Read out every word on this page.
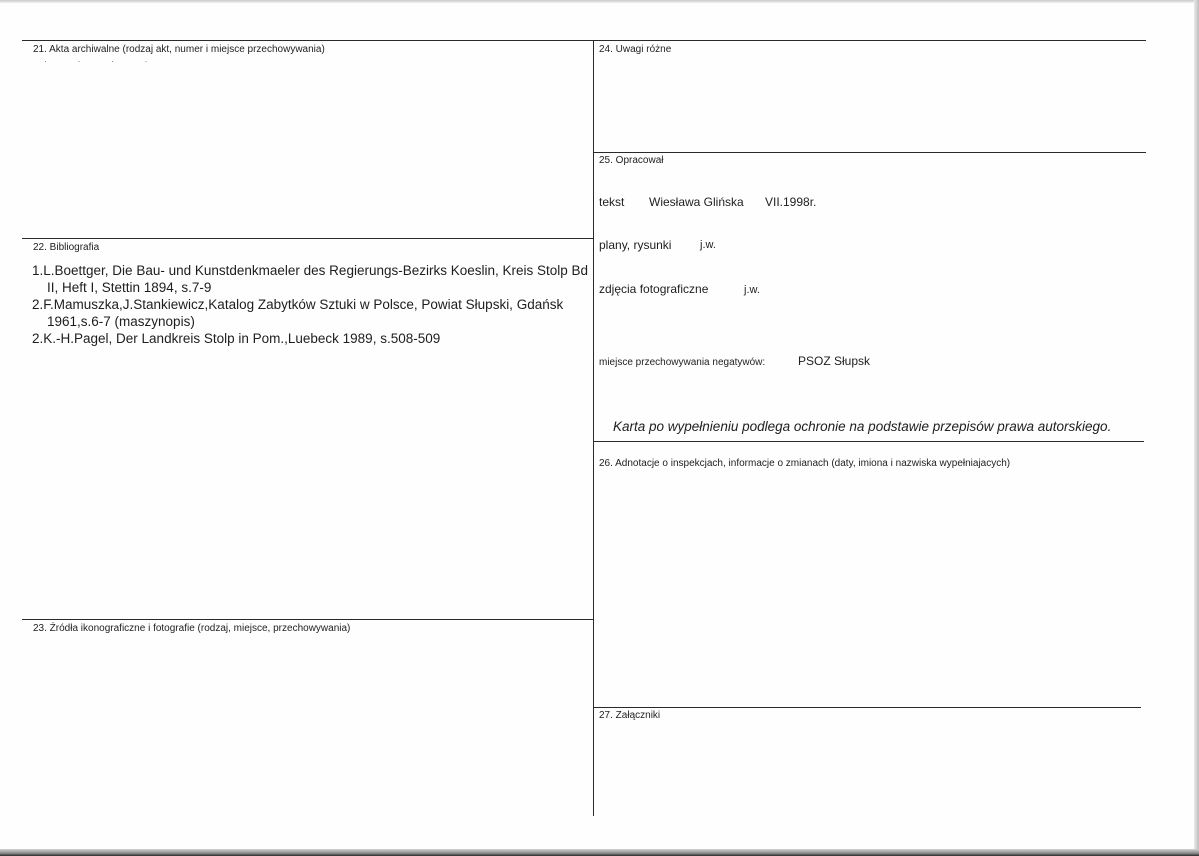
21. Akta archiwalne (rodzaj akt, numer i miejsce przechowywania)
· · · ·
22. Bibliografia
1.L.Boettger, Die Bau- und Kunstdenkmaeler des Regierungs-Bezirks Koeslin, Kreis Stolp Bd II, Heft I, Stettin 1894, s.7-9
2.F.Mamuszka,J.Stankiewicz,Katalog Zabytków Sztuki w Polsce, Powiat Słupski, Gdańsk 1961,s.6-7 (maszynopis)
2.K.-H.Pagel, Der Landkreis Stolp in Pom.,Luebeck 1989, s.508-509
23. Źródła ikonograficzne i fotografie (rodzaj, miejsce, przechowywania)
24. Uwagi różne
25. Opracował
tekst Wiesława Glińska VII.1998r.
plany, rysunki	j.w.
zdjęcia fotograficzne	j.w.
miejsce przechowywania negatywów:	PSOZ Słupsk
Karta po wypełnieniu podlega ochronie na podstawie przepisów prawa autorskiego.
26. Adnotacje o inspekcjach, informacje o zmianach (daty, imiona i nazwiska wypełniajacych)
27. Załączniki
